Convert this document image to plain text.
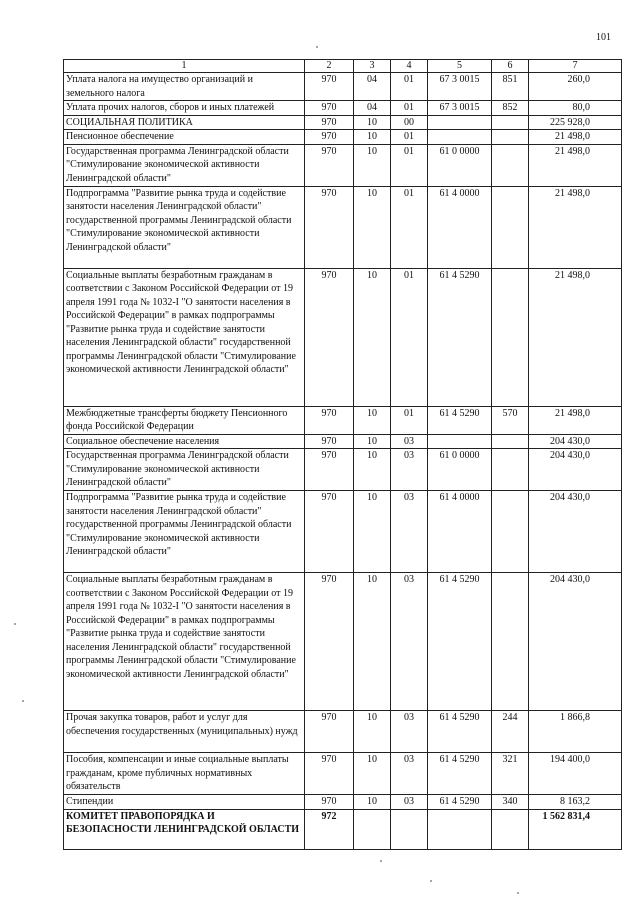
101
1	2	3	4	5	6	7
Уплата налога на имущество организаций и земельного налога	970	04	01	67 3 0015	851	260,0
Уплата прочих налогов, сборов и иных платежей	970	04	01	67 3 0015	852	80,0
СОЦИАЛЬНАЯ ПОЛИТИКА	970	10	00			225 928,0
Пенсионное обеспечение	970	10	01			21 498,0
Государственная программа Ленинградской области "Стимулирование экономической активности Ленинградской области"	970	10	01	61 0 0000		21 498,0
Подпрограмма "Развитие рынка труда и содействие занятости населения Ленинградской области" государственной программы Ленинградской области "Стимулирование экономической активности Ленинградской области"	970	10	01	61 4 0000		21 498,0
Социальные выплаты безработным гражданам в соответствии с Законом Российской Федерации от 19 апреля 1991 года № 1032-I "О занятости населения в Российской Федерации" в рамках подпрограммы "Развитие рынка труда и содействие занятости населения Ленинградской области" государственной программы Ленинградской области "Стимулирование экономической активности Ленинградской области"	970	10	01	61 4 5290		21 498,0
Межбюджетные трансферты бюджету Пенсионного фонда Российской Федерации	970	10	01	61 4 5290	570	21 498,0
Социальное обеспечение населения	970	10	03			204 430,0
Государственная программа Ленинградской области "Стимулирование экономической активности Ленинградской области"	970	10	03	61 0 0000		204 430,0
Подпрограмма "Развитие рынка труда и содействие занятости населения Ленинградской области" государственной программы Ленинградской области "Стимулирование экономической активности Ленинградской области"	970	10	03	61 4 0000		204 430,0
Социальные выплаты безработным гражданам в соответствии с Законом Российской Федерации от 19 апреля 1991 года № 1032-I "О занятости населения в Российской Федерации" в рамках подпрограммы "Развитие рынка труда и содействие занятости населения Ленинградской области" государственной программы Ленинградской области "Стимулирование экономической активности Ленинградской области"	970	10	03	61 4 5290		204 430,0
Прочая закупка товаров, работ и услуг для обеспечения государственных (муниципальных) нужд	970	10	03	61 4 5290	244	1 866,8
Пособия, компенсации и иные социальные выплаты гражданам, кроме публичных нормативных обязательств	970	10	03	61 4 5290	321	194 400,0
Стипендии	970	10	03	61 4 5290	340	8 163,2
КОМИТЕТ ПРАВОПОРЯДКА И БЕЗОПАСНОСТИ ЛЕНИНГРАДСКОЙ ОБЛАСТИ	972					1 562 831,4
